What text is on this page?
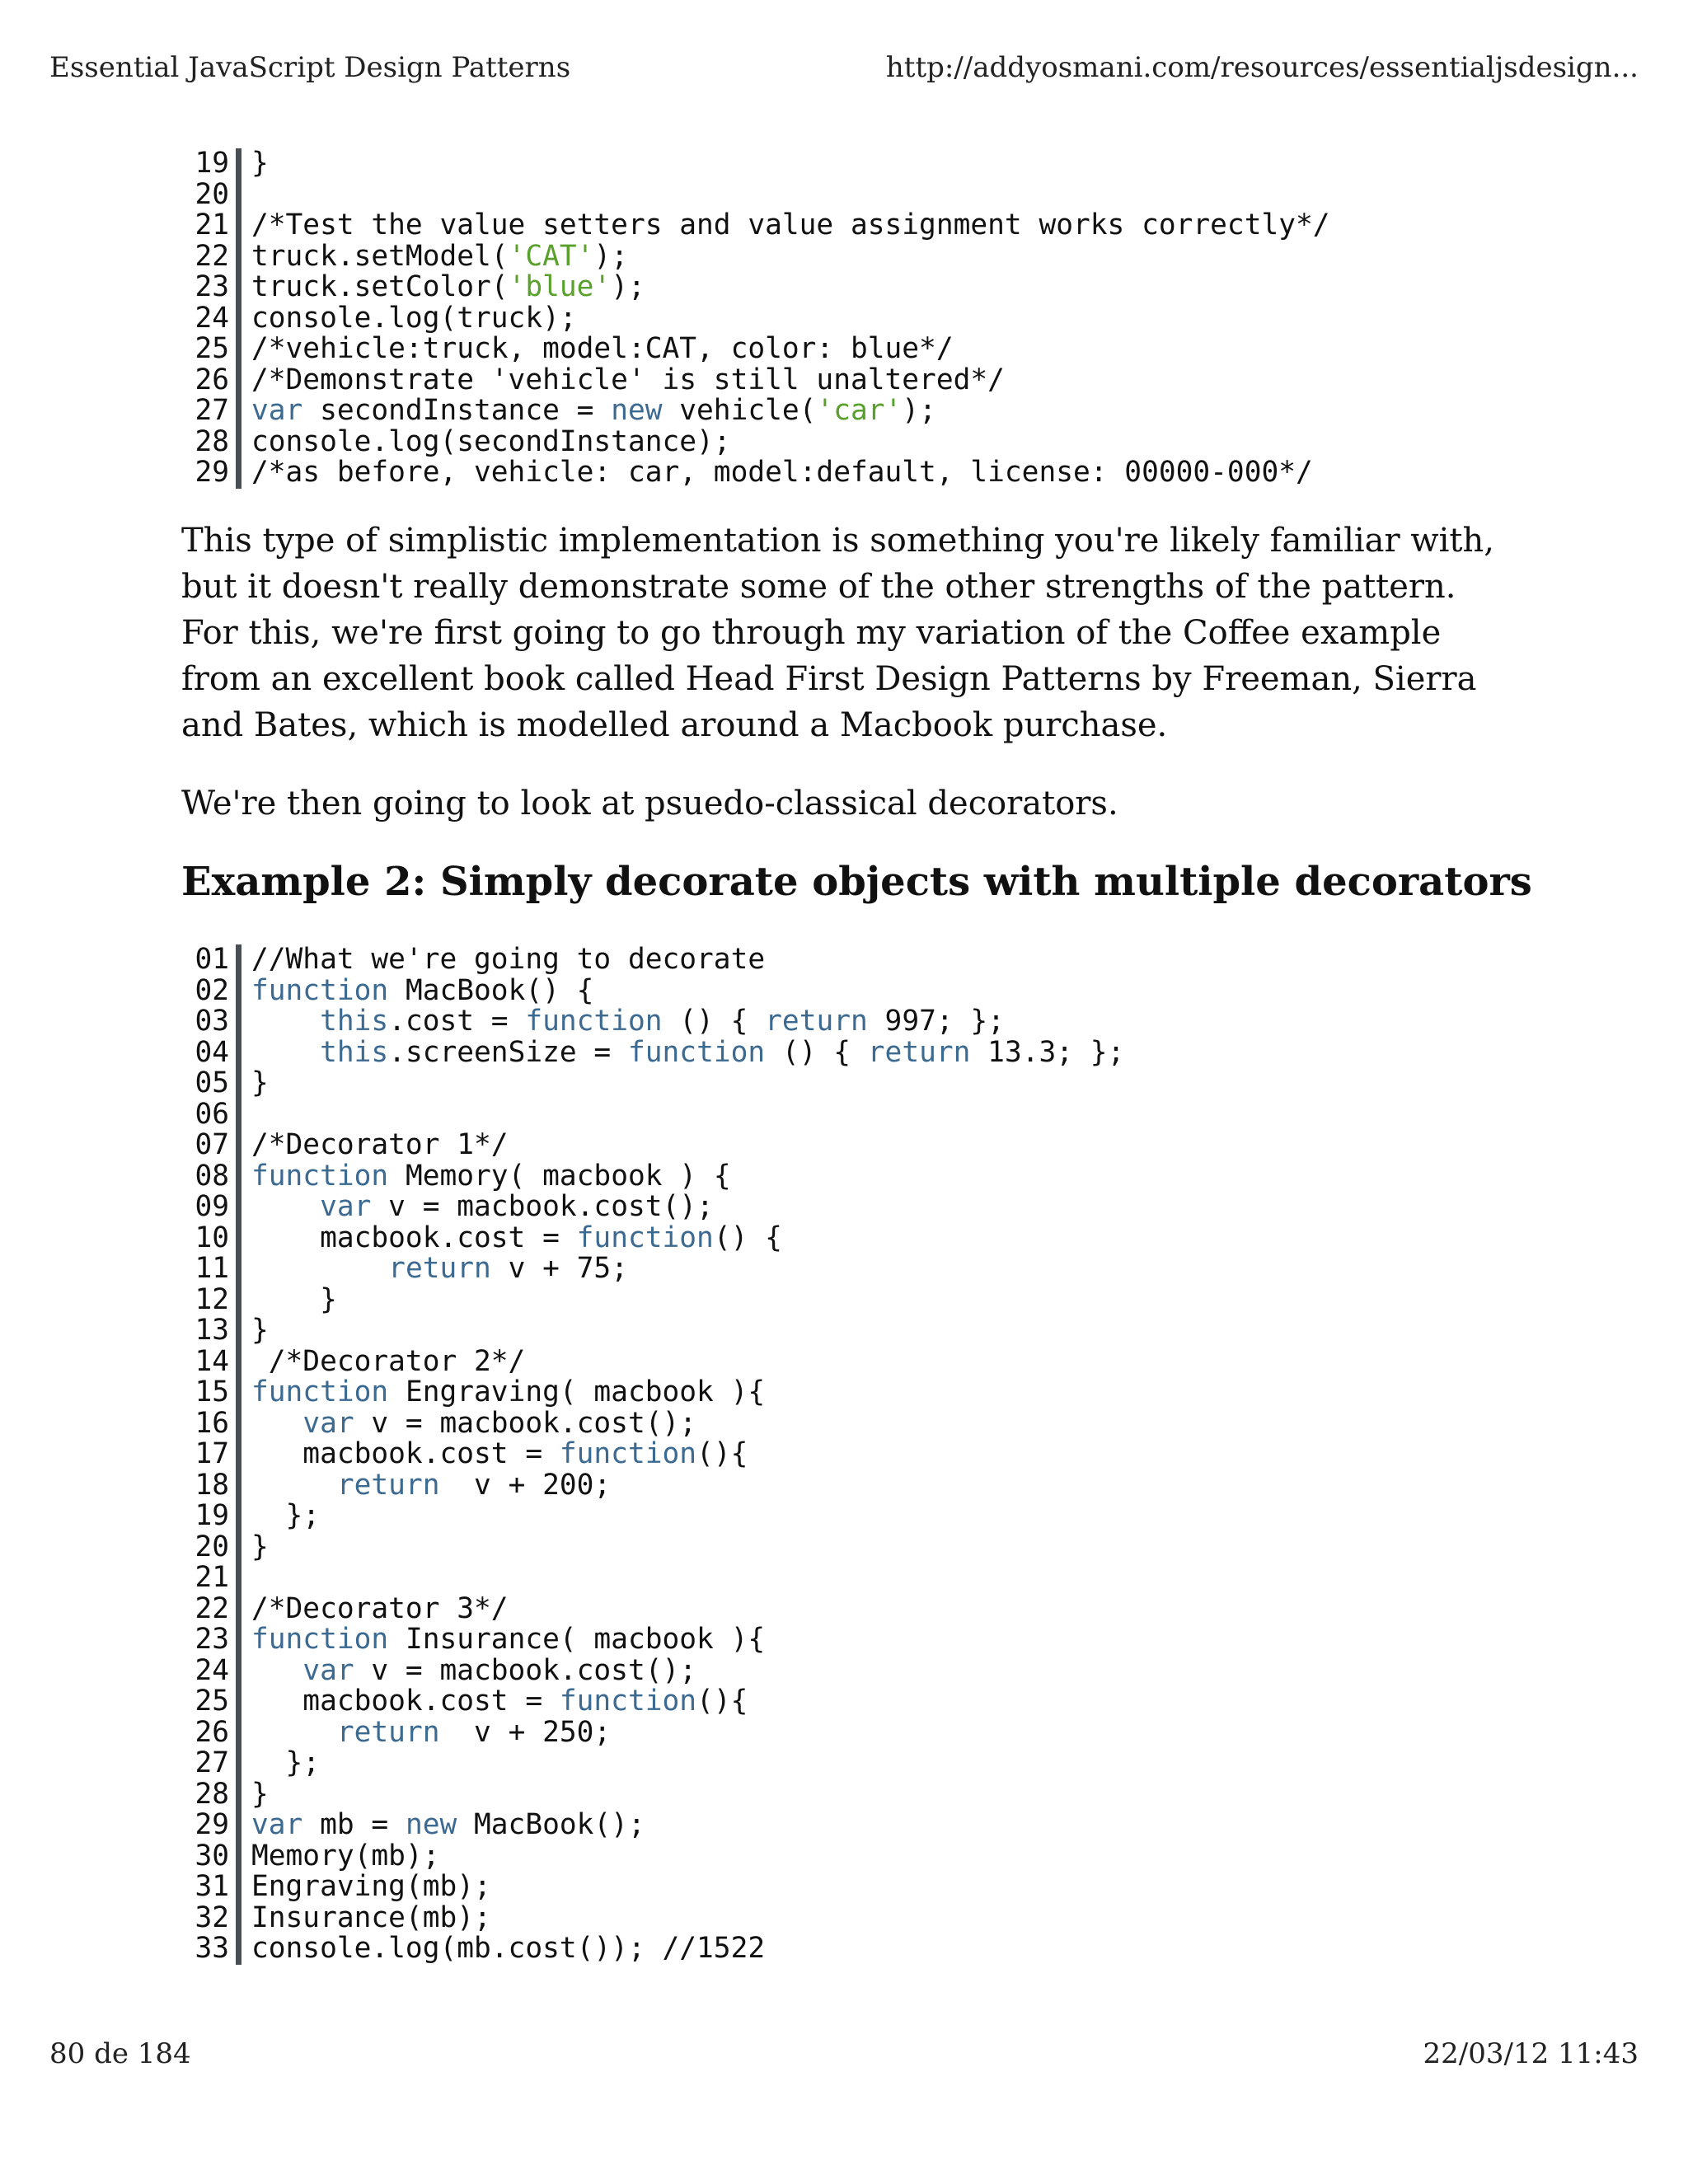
Essential JavaScript Design Patterns	http://addyosmani.com/resources/essentialjsdesign...
19 }
20
21 /*Test the value setters and value assignment works correctly*/
22 truck.setModel('CAT');
23 truck.setColor('blue');
24 console.log(truck);
25 /*vehicle:truck, model:CAT, color: blue*/
26 /*Demonstrate 'vehicle' is still unaltered*/
27 var secondInstance = new vehicle('car');
28 console.log(secondInstance);
29 /*as before, vehicle: car, model:default, license: 00000-000*/

This type of simplistic implementation is something you're likely familiar with, but it doesn't really demonstrate some of the other strengths of the pattern. For this, we're first going to go through my variation of the Coffee example from an excellent book called Head First Design Patterns by Freeman, Sierra and Bates, which is modelled around a Macbook purchase.

We're then going to look at psuedo-classical decorators.

Example 2: Simply decorate objects with multiple decorators
01 //What we're going to decorate
02 function MacBook() {
03	this.cost = function () { return 997; };
04	this.screenSize = function () { return 13.3; };
05 }
06
07 /*Decorator 1*/
08 function Memory( macbook ) {
09	var v = macbook.cost();
10 macbook.cost = function() {
11	return v + 75;
12 }
13 }
14 /*Decorator 2*/
15 function Engraving( macbook ){
16	var v = macbook.cost();
17 macbook.cost = function(){
18	return  v + 200;
19 };
20 }
21
22 /*Decorator 3*/
23 function Insurance( macbook ){
24	var v = macbook.cost();
25 macbook.cost = function(){
26	return  v + 250;
27 };
28 }
29 var mb = new MacBook();
30 Memory(mb);
31 Engraving(mb);
32 Insurance(mb);
33 console.log(mb.cost()); //1522
80 de 184	22/03/12 11:43
